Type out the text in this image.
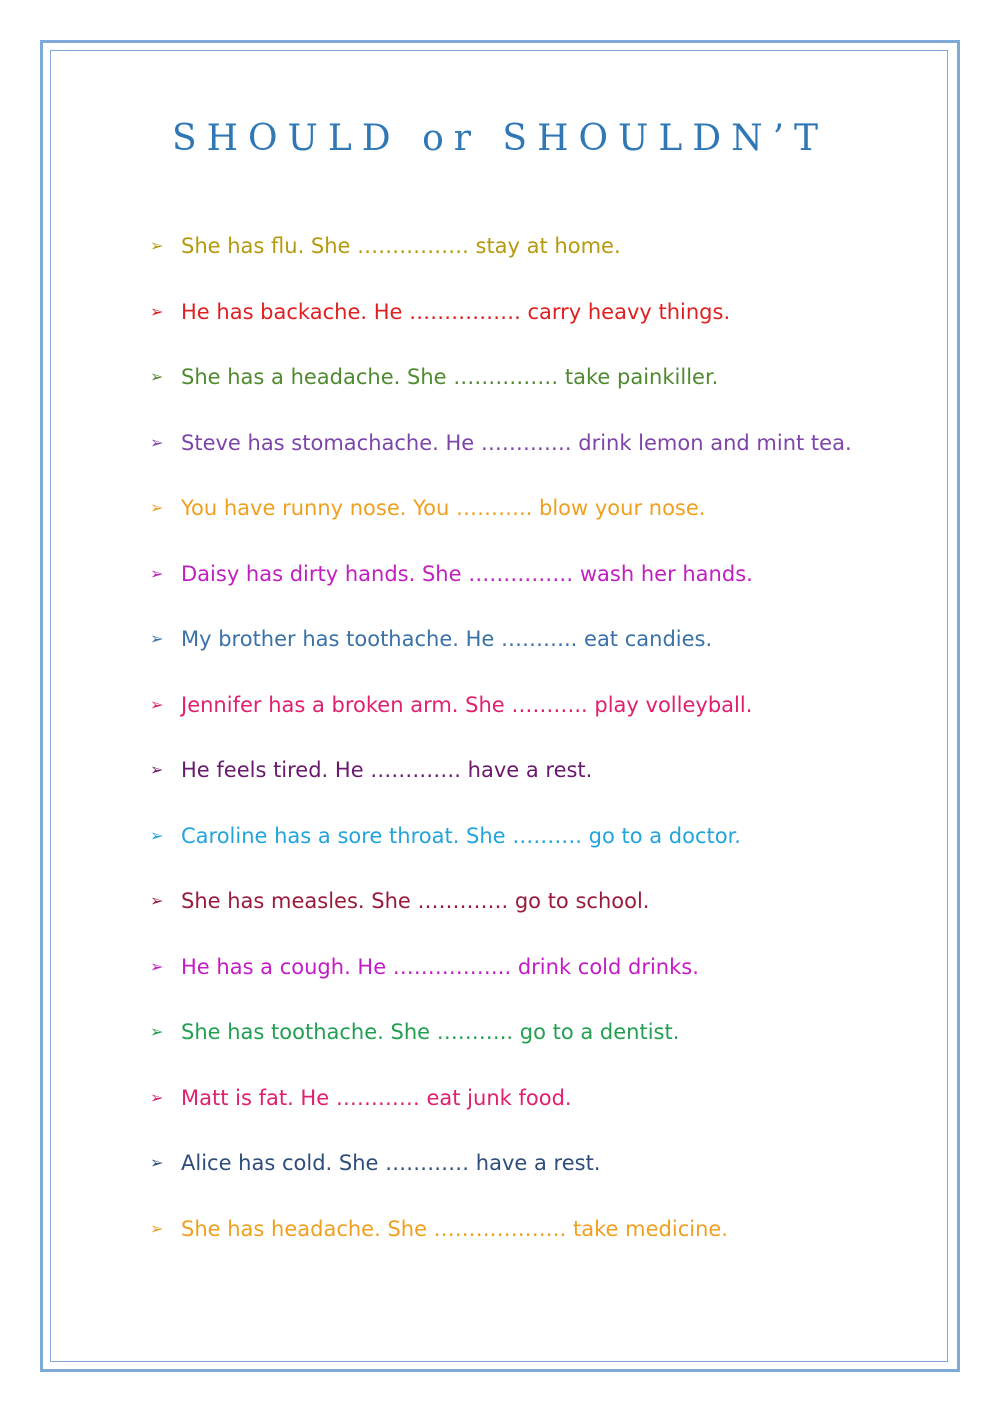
SHOULD or SHOULDN’T
➢ She has flu. She ……………. stay at home.
➢ He has backache. He ……………. carry heavy things.
➢ She has a headache. She …………… take painkiller.
➢ Steve has stomachache. He …………. drink lemon and mint tea.
➢ You have runny nose. You ……….. blow your nose.
➢ Daisy has dirty hands. She …………… wash her hands.
➢ My brother has toothache. He ……….. eat candies.
➢ Jennifer has a broken arm. She ……….. play volleyball.
➢ He feels tired. He …………. have a rest.
➢ Caroline has a sore throat. She ………. go to a doctor.
➢ She has measles. She …………. go to school.
➢ He has a cough. He …………….. drink cold drinks.
➢ She has toothache. She ……….. go to a dentist.
➢ Matt is fat. He ………… eat junk food.
➢ Alice has cold. She ………… have a rest.
➢ She has headache. She ………………. take medicine.
